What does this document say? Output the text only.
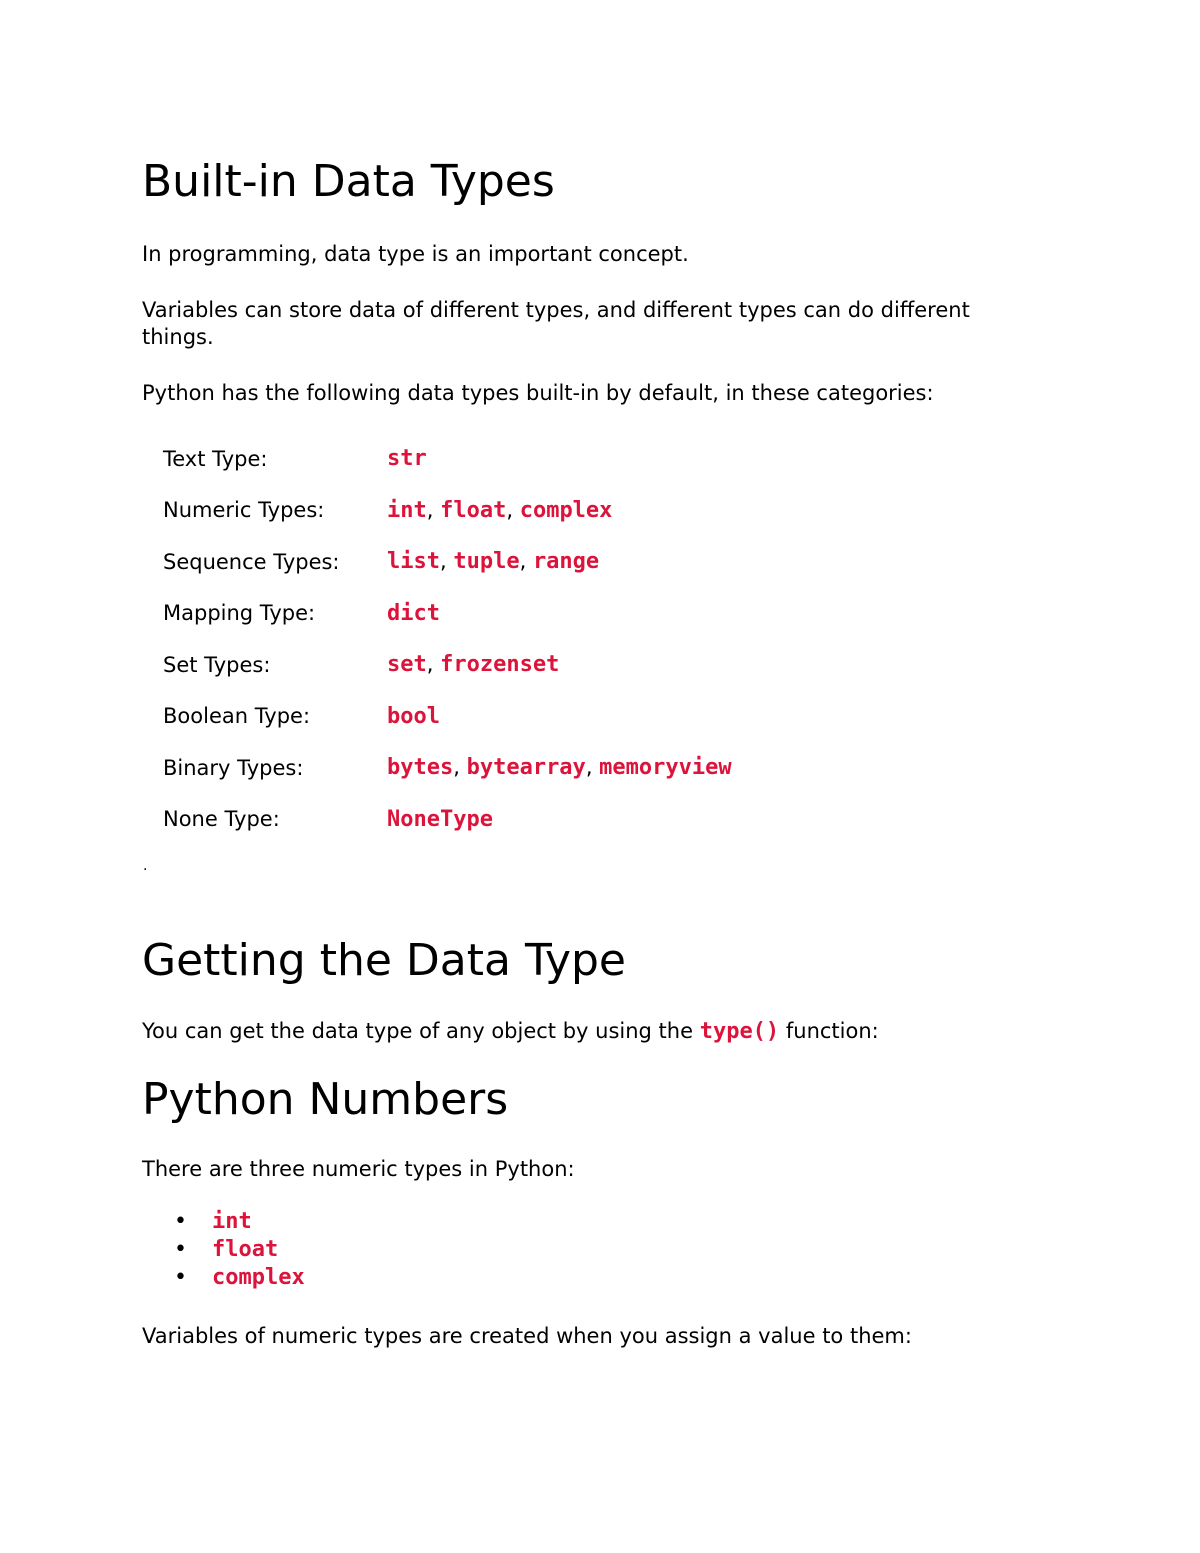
Built-in Data Types

In programming, data type is an important concept.

Variables can store data of different types, and different types can do different things.

Python has the following data types built-in by default, in these categories:

Text Type:	str
Numeric Types:	int, float, complex
Sequence Types:	list, tuple, range
Mapping Type:	dict
Set Types:	set, frozenset
Boolean Type:	bool
Binary Types:	bytes, bytearray, memoryview
None Type:	NoneType
·
Getting the Data Type

You can get the data type of any object by using the type() function:

Python Numbers

There are three numeric types in Python:

• int
• float
• complex

Variables of numeric types are created when you assign a value to them:
